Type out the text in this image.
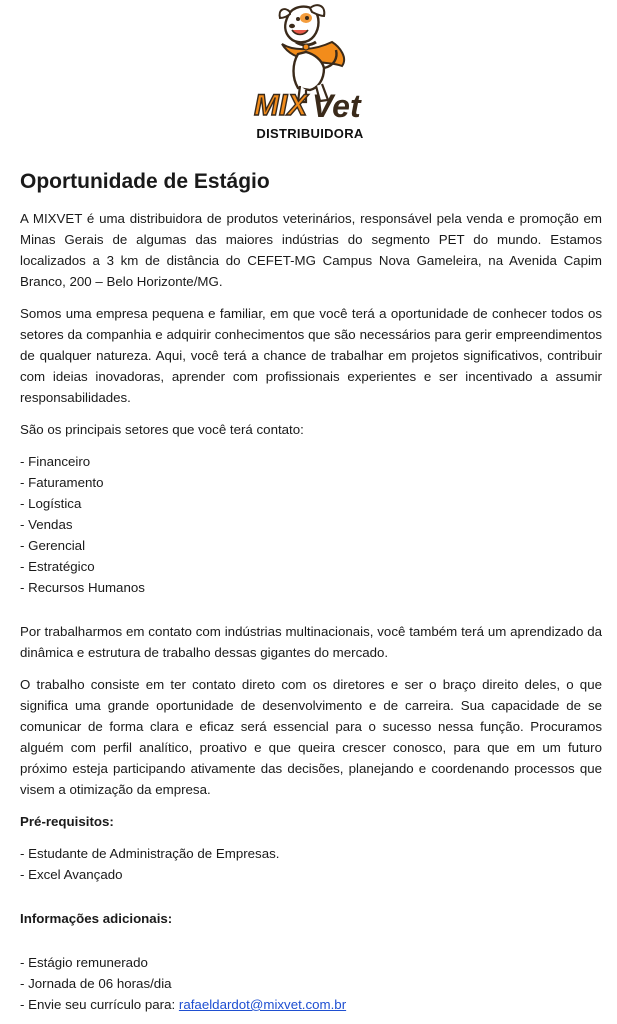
MIX Vet
DISTRIBUIDORA
Oportunidade de Estágio

A MIXVET é uma distribuidora de produtos veterinários, responsável pela venda e promoção em Minas Gerais de algumas das maiores indústrias do segmento PET do mundo. Estamos localizados a 3 km de distância do CEFET-MG Campus Nova Gameleira, na Avenida Capim Branco, 200 – Belo Horizonte/MG.

Somos uma empresa pequena e familiar, em que você terá a oportunidade de conhecer todos os setores da companhia e adquirir conhecimentos que são necessários para gerir empreendimentos de qualquer natureza. Aqui, você terá a chance de trabalhar em projetos significativos, contribuir com ideias inovadoras, aprender com profissionais experientes e ser incentivado a assumir responsabilidades.

São os principais setores que você terá contato:

- Financeiro

- Faturamento

- Logística

- Vendas

- Gerencial

- Estratégico

- Recursos Humanos

Por trabalharmos em contato com indústrias multinacionais, você também terá um aprendizado da dinâmica e estrutura de trabalho dessas gigantes do mercado.

O trabalho consiste em ter contato direto com os diretores e ser o braço direito deles, o que significa uma grande oportunidade de desenvolvimento e de carreira. Sua capacidade de se comunicar de forma clara e eficaz será essencial para o sucesso nessa função. Procuramos alguém com perfil analítico, proativo e que queira crescer conosco, para que em um futuro próximo esteja participando ativamente das decisões, planejando e coordenando processos que visem a otimização da empresa.

Pré-requisitos:

- Estudante de Administração de Empresas.

- Excel Avançado

Informações adicionais:

- Estágio remunerado

- Jornada de 06 horas/dia

- Envie seu currículo para: rafaeldardot@mixvet.com.br
